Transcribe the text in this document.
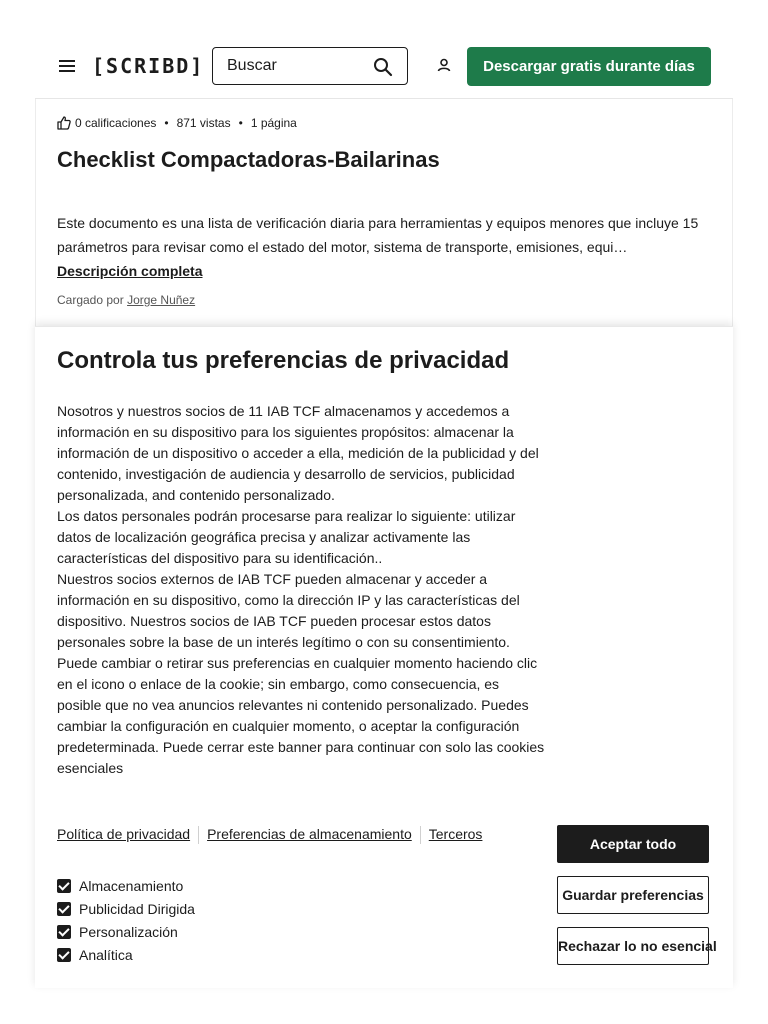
[SCRIBD]
Buscar	Descargar gratis durante días
0 calificaciones • 871 vistas • 1 página
Checklist Compactadoras-Bailarinas

Este documento es una lista de verificación diaria para herramientas y equipos menores que incluye 15 parámetros para revisar como el estado del motor, sistema de transporte, emisiones, equi… Descripción completa

Cargado por Jorge Nuñez
Controla tus preferencias de privacidad
Nosotros y nuestros socios de 11 IAB TCF almacenamos y accedemos a información en su dispositivo para los siguientes propósitos: almacenar la información de un dispositivo o acceder a ella, medición de la publicidad y del contenido, investigación de audiencia y desarrollo de servicios, publicidad personalizada, and contenido personalizado.
Los datos personales podrán procesarse para realizar lo siguiente: utilizar datos de localización geográfica precisa y analizar activamente las características del dispositivo para su identificación..
Nuestros socios externos de IAB TCF pueden almacenar y acceder a información en su dispositivo, como la dirección IP y las características del dispositivo. Nuestros socios de IAB TCF pueden procesar estos datos personales sobre la base de un interés legítimo o con su consentimiento. Puede cambiar o retirar sus preferencias en cualquier momento haciendo clic en el icono o enlace de la cookie; sin embargo, como consecuencia, es posible que no vea anuncios relevantes ni contenido personalizado. Puedes cambiar la configuración en cualquier momento, o aceptar la configuración predeterminada. Puede cerrar este banner para continuar con solo las cookies esenciales
Política de privacidad Preferencias de almacenamiento Terceros
Almacenamiento
Publicidad Dirigida
Personalización
Analítica
Aceptar todo
Guardar preferencias
Rechazar lo no esencial
